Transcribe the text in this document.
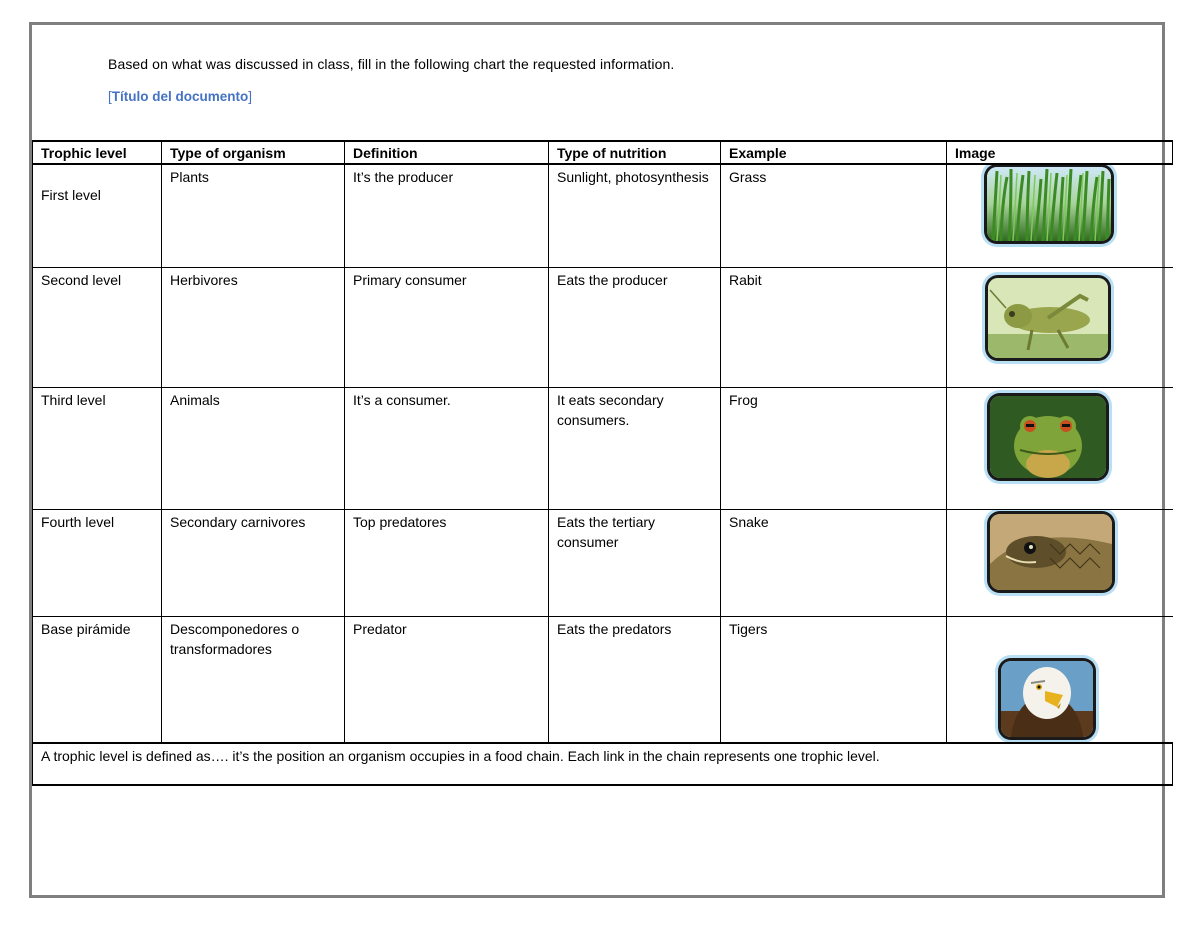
Based on what was discussed in class, fill in the following chart the requested information.
[Título del documento]
Trophic level	Type of organism	Definition	Type of nutrition	Example	Image

First level	Plants	It’s the producer	Sunlight, photosynthesis	Grass	

Second level	Herbivores	Primary consumer	Eats the producer	Rabit	

Third level	Animals	It’s a consumer.	It eats secondary consumers.	Frog	

Fourth level	Secondary carnivores	Top predatores	Eats the tertiary consumer	Snake	

Base pirámide	Descomponedores o transformadores	Predator	Eats the predators	Tigers	

A trophic level is defined as…. it’s the position an organism occupies in a food chain. Each link in the chain represents one trophic level.					
